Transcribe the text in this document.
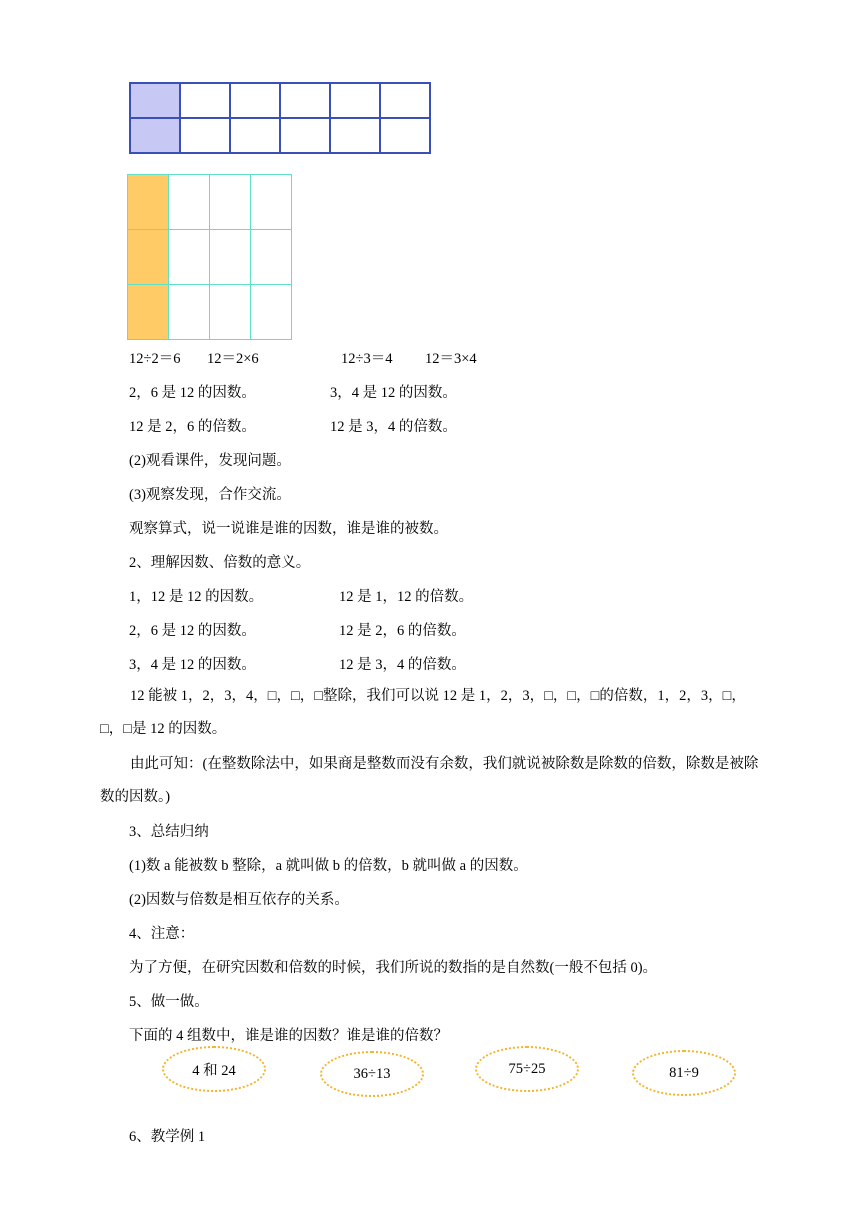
12÷2＝6 12＝2×6	12÷3＝4 12＝3×4
2，6 是 12 的因数。	3，4 是 12 的因数。
12 是 2，6 的倍数。	12 是 3，4 的倍数。
(2)观看课件，发现问题。
(3)观察发现，合作交流。
观察算式，说一说谁是谁的因数，谁是谁的被数。
2、理解因数、倍数的意义。
1，12 是 12 的因数。	12 是 1，12 的倍数。
2，6 是 12 的因数。	12 是 2，6 的倍数。
3，4 是 12 的因数。	12 是 3，4 的倍数。
12 能被 1，2，3，4，□，□，□整除，我们可以说 12 是 1，2，3，□，□，□的倍数，1，2，3，□，□，□是 12 的因数。
由此可知：(在整数除法中，如果商是整数而没有余数，我们就说被除数是除数的倍数，除数是被除数的因数。)
3、总结归纳
(1)数 a 能被数 b 整除，a 就叫做 b 的倍数，b 就叫做 a 的因数。
(2)因数与倍数是相互依存的关系。
4、注意：
为了方便，在研究因数和倍数的时候，我们所说的数指的是自然数(一般不包括 0)。
5、做一做。
下面的 4 组数中，谁是谁的因数？谁是谁的倍数？
4 和 24	36÷13	75÷25	81÷9
6、教学例 1
